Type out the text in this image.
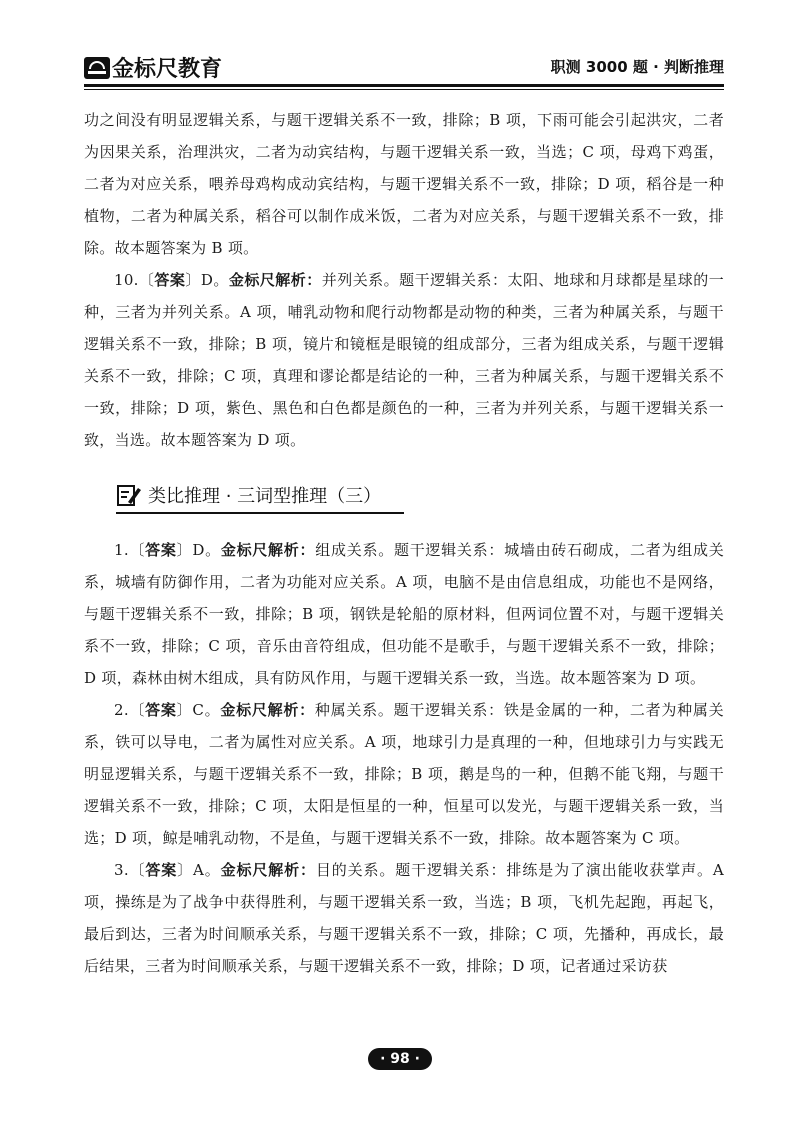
金标尺教育	职测 3000 题 · 判断推理

功之间没有明显逻辑关系，与题干逻辑关系不一致，排除；B 项，下雨可能会引起洪灾，二者为因果关系，治理洪灾，二者为动宾结构，与题干逻辑关系一致，当选；C 项，母鸡下鸡蛋，二者为对应关系，喂养母鸡构成动宾结构，与题干逻辑关系不一致，排除；D 项，稻谷是一种植物，二者为种属关系，稻谷可以制作成米饭，二者为对应关系，与题干逻辑关系不一致，排除。故本题答案为 B 项。

10.〔答案〕D。金标尺解析：并列关系。题干逻辑关系：太阳、地球和月球都是星球的一种，三者为并列关系。A 项，哺乳动物和爬行动物都是动物的种类，三者为种属关系，与题干逻辑关系不一致，排除；B 项，镜片和镜框是眼镜的组成部分，三者为组成关系，与题干逻辑关系不一致，排除；C 项，真理和谬论都是结论的一种，三者为种属关系，与题干逻辑关系不一致，排除；D 项，紫色、黑色和白色都是颜色的一种，三者为并列关系，与题干逻辑关系一致，当选。故本题答案为 D 项。

类比推理 · 三词型推理（三）

1.〔答案〕D。金标尺解析：组成关系。题干逻辑关系：城墙由砖石砌成，二者为组成关系，城墙有防御作用，二者为功能对应关系。A 项，电脑不是由信息组成，功能也不是网络，与题干逻辑关系不一致，排除；B 项，钢铁是轮船的原材料，但两词位置不对，与题干逻辑关系不一致，排除；C 项，音乐由音符组成，但功能不是歌手，与题干逻辑关系不一致，排除；D 项，森林由树木组成，具有防风作用，与题干逻辑关系一致，当选。故本题答案为 D 项。

2.〔答案〕C。金标尺解析：种属关系。题干逻辑关系：铁是金属的一种，二者为种属关系，铁可以导电，二者为属性对应关系。A 项，地球引力是真理的一种，但地球引力与实践无明显逻辑关系，与题干逻辑关系不一致，排除；B 项，鹅是鸟的一种，但鹅不能飞翔，与题干逻辑关系不一致，排除；C 项，太阳是恒星的一种，恒星可以发光，与题干逻辑关系一致，当选；D 项，鲸是哺乳动物，不是鱼，与题干逻辑关系不一致，排除。故本题答案为 C 项。

3.〔答案〕A。金标尺解析：目的关系。题干逻辑关系：排练是为了演出能收获掌声。A 项，操练是为了战争中获得胜利，与题干逻辑关系一致，当选；B 项，飞机先起跑，再起飞，最后到达，三者为时间顺承关系，与题干逻辑关系不一致，排除；C 项，先播种，再成长，最后结果，三者为时间顺承关系，与题干逻辑关系不一致，排除；D 项，记者通过采访获

· 98 ·
